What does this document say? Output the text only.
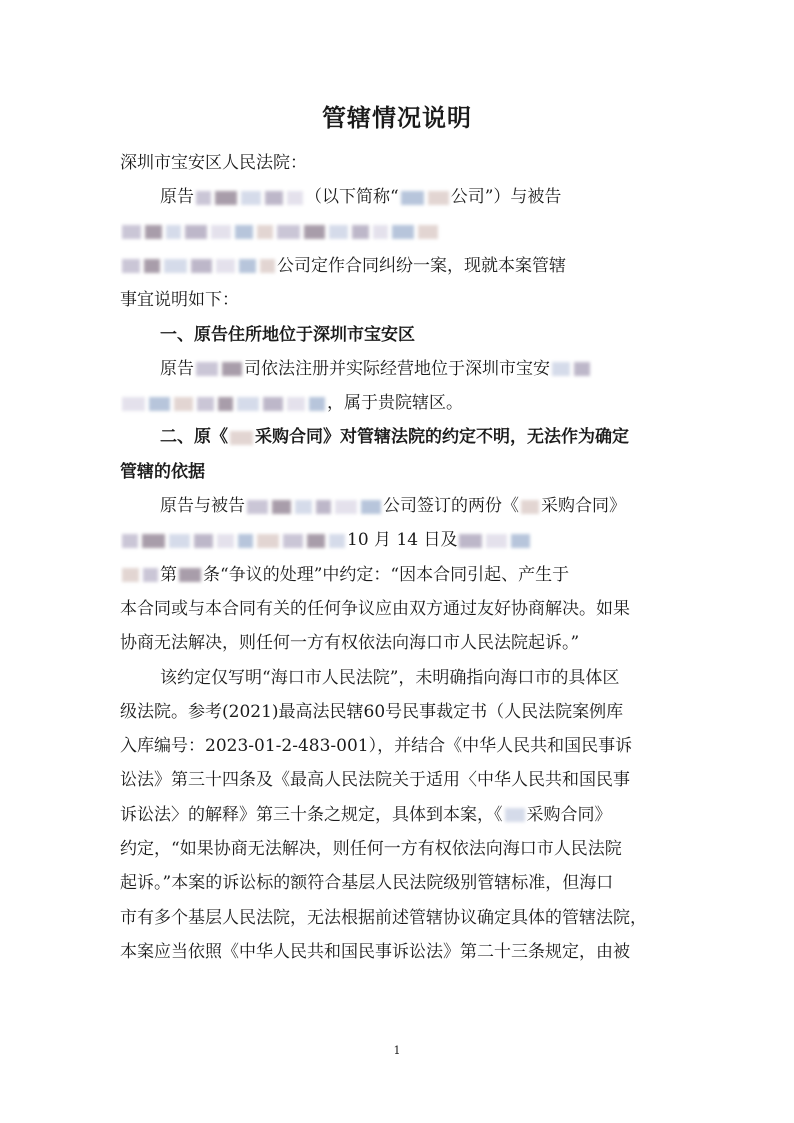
管辖情况说明
深圳市宝安区人民法院：
原告	（以下简称“	公司”）与被告
公司定作合同纠纷一案，现就本案管辖
事宜说明如下：
一、原告住所地位于深圳市宝安区
原告	司依法注册并实际经营地位于深圳市宝安
，属于贵院辖区。
二、原《 采购合同》对管辖法院的约定不明，无法作为确定
管辖的依据
原告与被告	公司签订的两份《 采购合同》
10 月 14 日及
第 条“争议的处理”中约定：“因本合同引起、产生于
本合同或与本合同有关的任何争议应由双方通过友好协商解决。如果
协商无法解决，则任何一方有权依法向海口市人民法院起诉。”
该约定仅写明“海口市人民法院”，未明确指向海口市的具体区
级法院。参考(2021)最高法民辖60号民事裁定书（人民法院案例库
入库编号：2023-01-2-483-001），并结合《中华人民共和国民事诉
讼法》第三十四条及《最高人民法院关于适用〈中华人民共和国民事
诉讼法〉的解释》第三十条之规定，具体到本案，《 采购合同》
约定，“如果协商无法解决，则任何一方有权依法向海口市人民法院
起诉。”本案的诉讼标的额符合基层人民法院级别管辖标准，但海口
市有多个基层人民法院，无法根据前述管辖协议确定具体的管辖法院，
本案应当依照《中华人民共和国民事诉讼法》第二十三条规定，由被
1
